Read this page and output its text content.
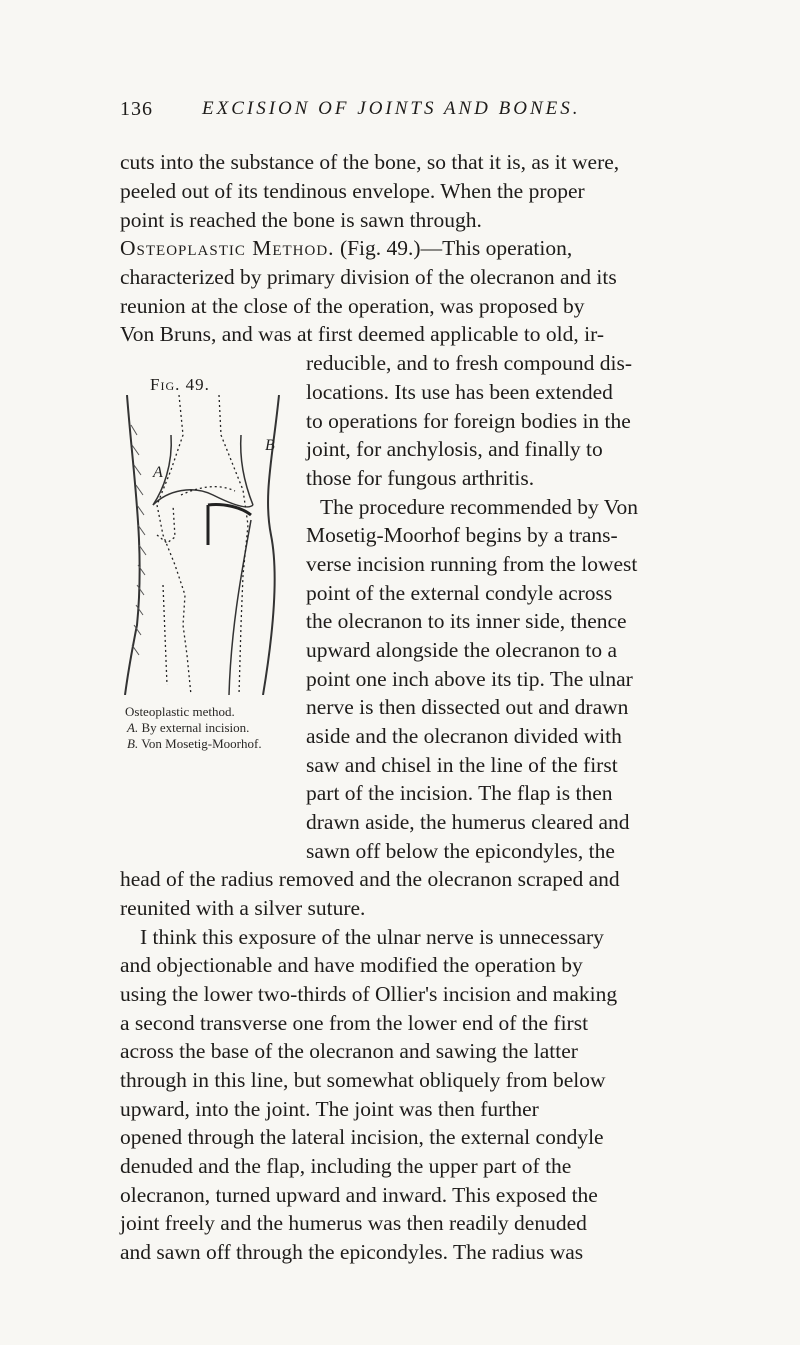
136	EXCISION OF JOINTS AND BONES.
cuts into the substance of the bone, so that it is, as it were,
peeled out of its tendinous envelope. When the proper
point is reached the bone is sawn through.
Osteoplastic Method. (Fig. 49.)—This operation,
characterized by primary division of the olecranon and its
reunion at the close of the operation, was proposed by
Von Bruns, and was at first deemed applicable to old, ir-
reducible, and to fresh compound dis-
locations. Its use has been extended
to operations for foreign bodies in the
joint, for anchylosis, and finally to
those for fungous arthritis.
The procedure recommended by Von
Mosetig-Moorhof begins by a trans-
verse incision running from the lowest
point of the external condyle across
the olecranon to its inner side, thence
upward alongside the olecranon to a
point one inch above its tip. The ulnar
nerve is then dissected out and drawn
aside and the olecranon divided with
saw and chisel in the line of the first
part of the incision. The flap is then
drawn aside, the humerus cleared and
sawn off below the epicondyles, the
head of the radius removed and the olecranon scraped and
reunited with a silver suture.
I think this exposure of the ulnar nerve is unnecessary
and objectionable and have modified the operation by
using the lower two-thirds of Ollier's incision and making
a second transverse one from the lower end of the first
across the base of the olecranon and sawing the latter
through in this line, but somewhat obliquely from below
upward, into the joint. The joint was then further
opened through the lateral incision, the external condyle
denuded and the flap, including the upper part of the
olecranon, turned upward and inward. This exposed the
joint freely and the humerus was then readily denuded
and sawn off through the epicondyles. The radius was
Fig. 49.
A
B
Osteoplastic method.
A. By external incision.
B. Von Mosetig-Moorhof.
